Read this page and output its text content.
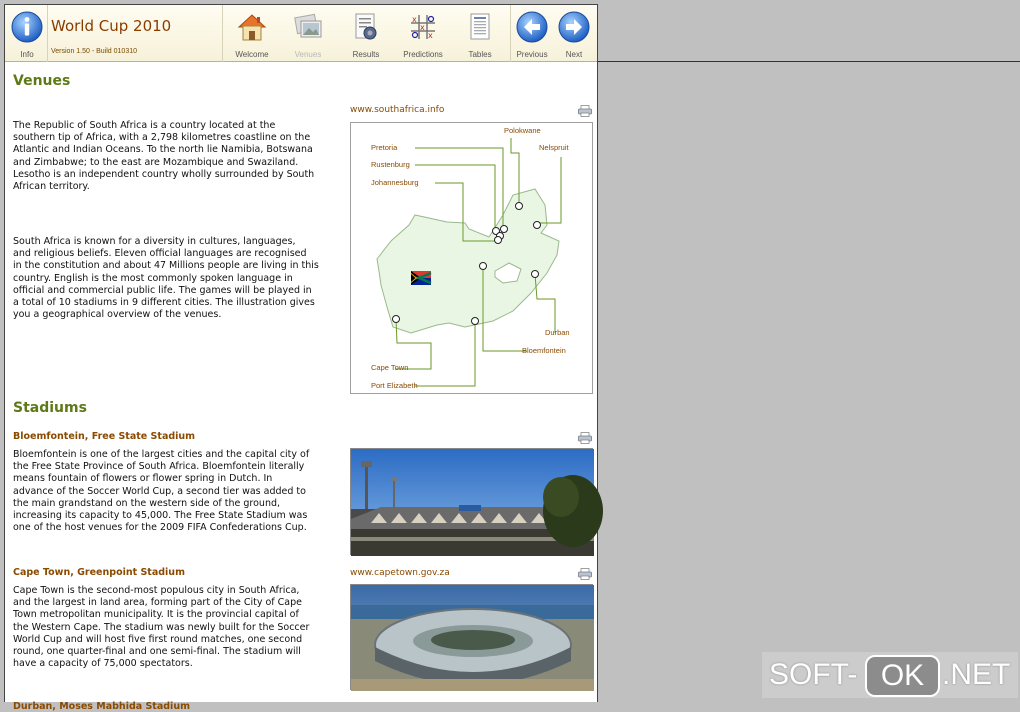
Info
World Cup 2010
Version 1.50 - Build 010310	Welcome	Venues	Results
x
x
x
Predictions	Tables	Previous	Next
Venues
The Republic of South Africa is a country located at the
southern tip of Africa, with a 2,798 kilometres coastline on the
Atlantic and Indian Oceans. To the north lie Namibia, Botswana
and Zimbabwe; to the east are Mozambique and Swaziland.
Lesotho is an independent country wholly surrounded by South
African territory.
South Africa is known for a diversity in cultures, languages,
and religious beliefs. Eleven official languages are recognised
in the constitution and about 47 Millions people are living in this
country. English is the most commonly spoken language in
official and commercial public life. The games will be played in
a total of 10 stadiums in 9 different cities. The illustration gives
you a geographical overview of the venues.
www.southafrica.info
Polokwane
Pretoria	Nelspruit
Rustenburg
Johannesburg
Durban
Bloemfontein
Cape Town
Port Elizabeth
Stadiums
Bloemfontein, Free State Stadium
Bloemfontein is one of the largest cities and the capital city of
the Free State Province of South Africa. Bloemfontein literally
means fountain of flowers or flower spring in Dutch. In
advance of the Soccer World Cup, a second tier was added to
the main grandstand on the western side of the ground,
increasing its capacity to 45,000. The Free State Stadium was
one of the host venues for the 2009 FIFA Confederations Cup.
Cape Town, Greenpoint Stadium	www.capetown.gov.za
Cape Town is the second-most populous city in South Africa,
and the largest in land area, forming part of the City of Cape
Town metropolitan municipality. It is the provincial capital of
the Western Cape. The stadium was newly built for the Soccer
World Cup and will host five first round matches, one second
round, one quarter-final and one semi-final. The stadium will
have a capacity of 75,000 spectators.
Durban, Moses Mabhida Stadium
SOFT- OK .NET
